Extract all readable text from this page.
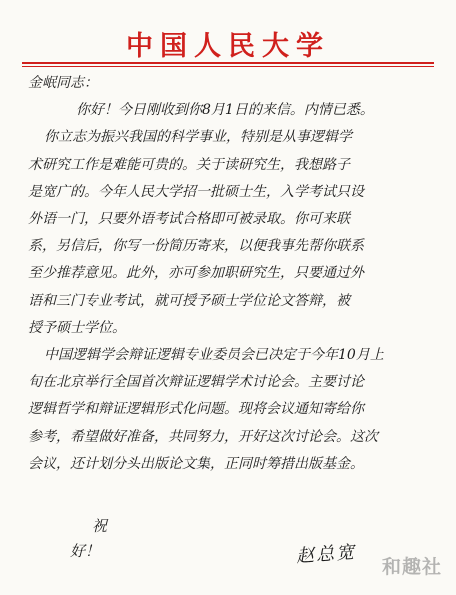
中国人民大学
金岷同志：
你好！今日刚收到你8月1日的来信。内情已悉。
你立志为振兴我国的科学事业，特别是从事逻辑学
术研究工作是难能可贵的。关于读研究生，我想路子
是宽广的。今年人民大学招一批硕士生，入学考试只设
外语一门，只要外语考试合格即可被录取。你可来联
系，另信后，你写一份简历寄来，以便我事先帮你联系
至少推荐意见。此外，亦可参加职研究生，只要通过外
语和三门专业考试，就可授予硕士学位论文答辩，被
授予硕士学位。
中国逻辑学会辩证逻辑专业委员会已决定于今年10月上
旬在北京举行全国首次辩证逻辑学术讨论会。主要讨论
逻辑哲学和辩证逻辑形式化问题。现将会议通知寄给你
参考，希望做好准备，共同努力，开好这次讨论会。这次
会议，还计划分头出版论文集，正同时筹措出版基金。
祝
好！	赵总宽 和趣社
